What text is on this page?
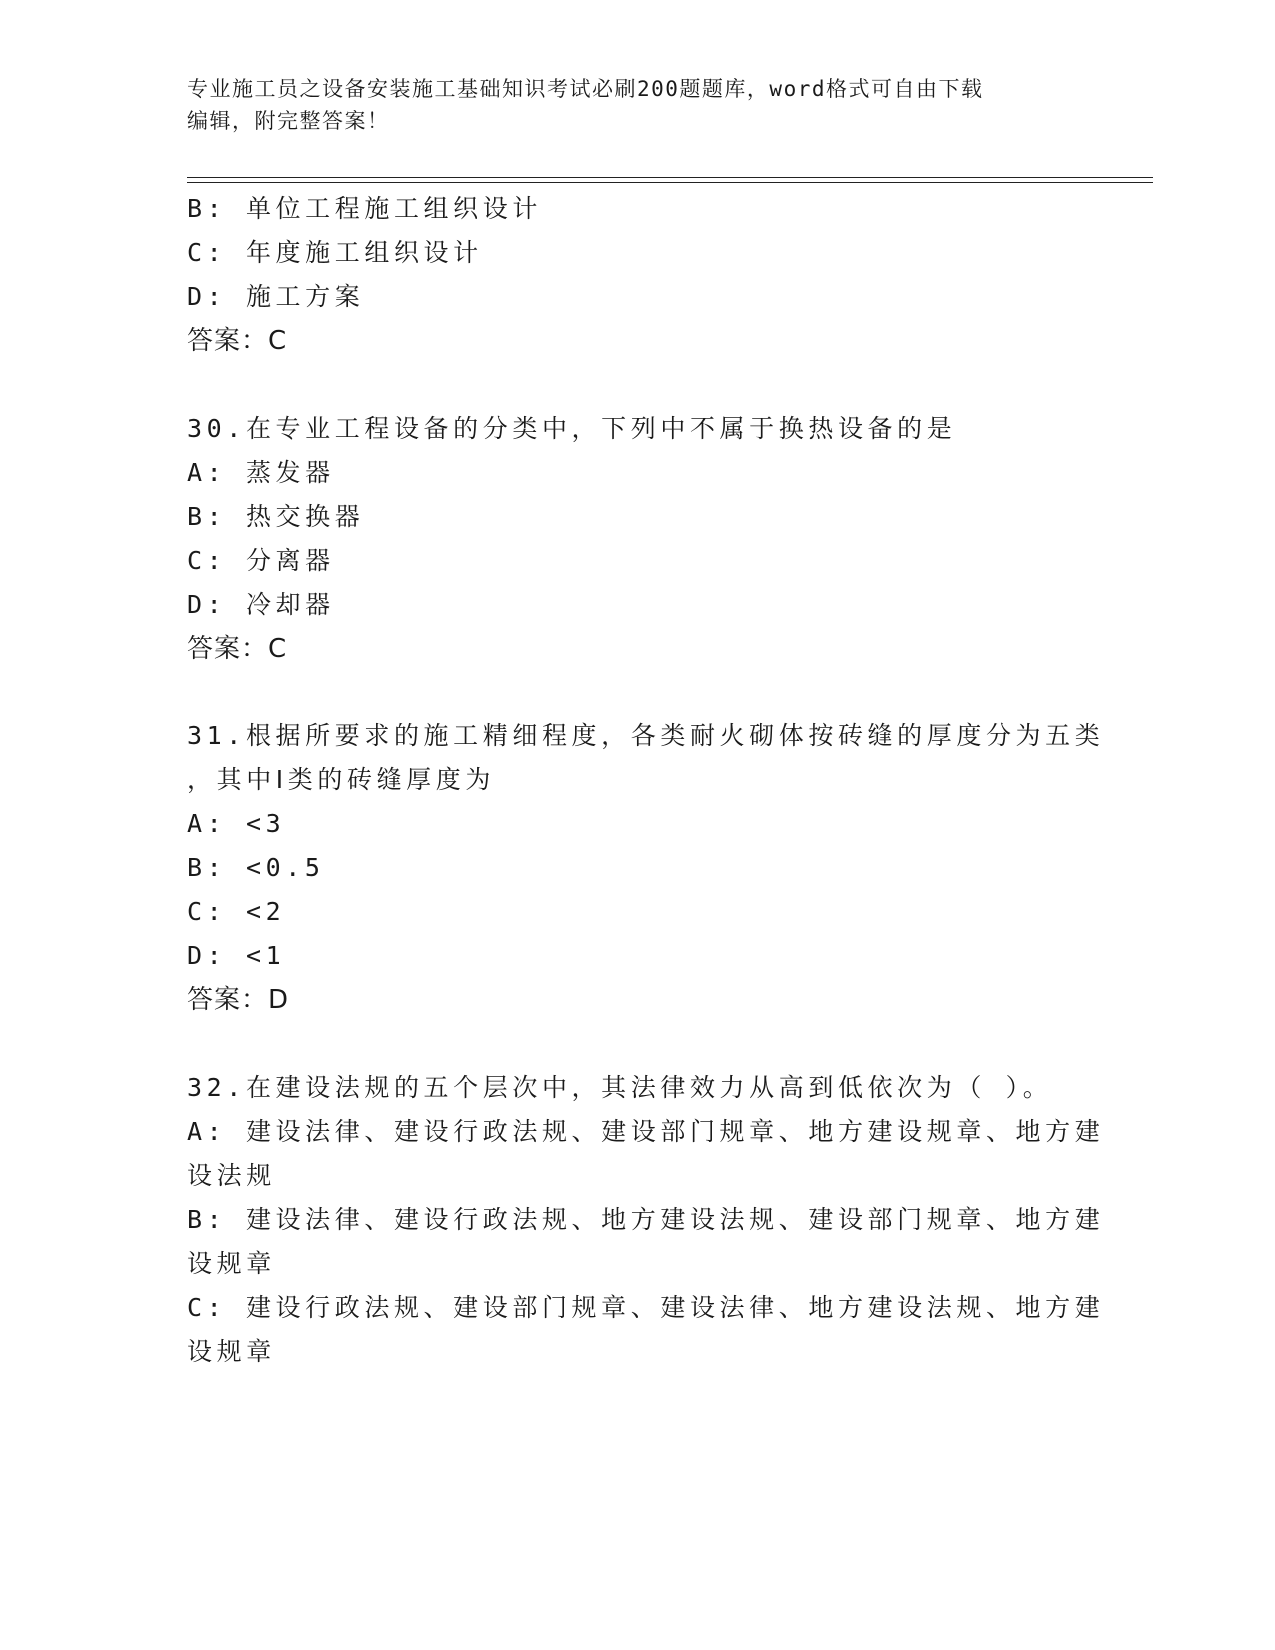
专业施工员之设备安装施工基础知识考试必刷200题题库，word格式可自由下载
编辑，附完整答案！
B: 单位工程施工组织设计
C: 年度施工组织设计
D: 施工方案
答案：C
30.在专业工程设备的分类中，下列中不属于换热设备的是
A: 蒸发器
B: 热交换器
C: 分离器
D: 冷却器
答案：C
31.根据所要求的施工精细程度，各类耐火砌体按砖缝的厚度分为五类
，其中Ⅰ类的砖缝厚度为
A: <3
B: <0.5
C: <2
D: <1
答案：D
32.在建设法规的五个层次中，其法律效力从高到低依次为（ ）。
A: 建设法律、建设行政法规、建设部门规章、地方建设规章、地方建
设法规
B: 建设法律、建设行政法规、地方建设法规、建设部门规章、地方建
设规章
C: 建设行政法规、建设部门规章、建设法律、地方建设法规、地方建
设规章
